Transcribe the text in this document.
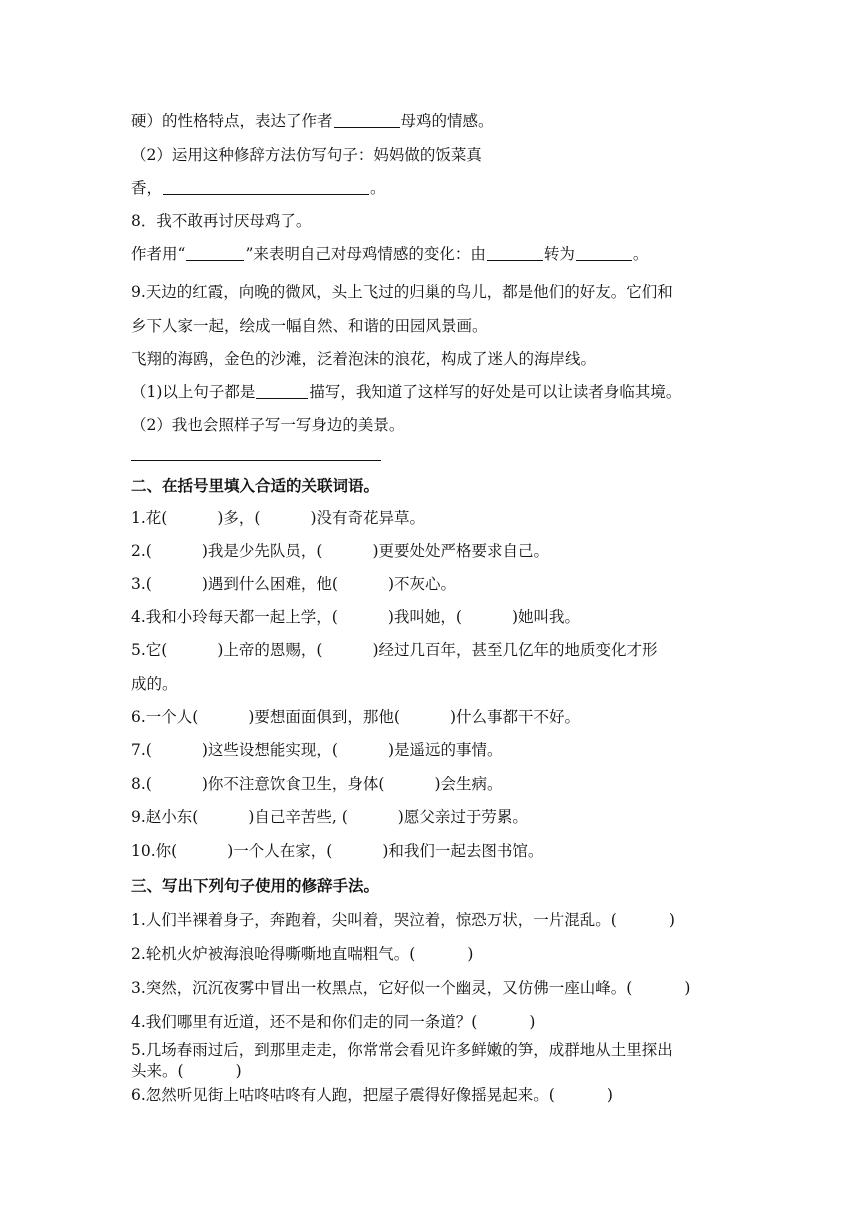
硬）的性格特点，表达了作者	母鸡的情感。

（2）运用这种修辞方法仿写句子：妈妈做的饭菜真

香，	。

8．我不敢再讨厌母鸡了。

作者用“	”来表明自己对母鸡情感的变化：由	转为	。

9.天边的红霞，向晚的微风，头上飞过的归巢的鸟儿，都是他们的好友。它们和

乡下人家一起，绘成一幅自然、和谐的田园风景画。

飞翔的海鸥，金色的沙滩，泛着泡沫的浪花，构成了迷人的海岸线。

（1)以上句子都是	描写，我知道了这样写的好处是可以让读者身临其境。

（2）我也会照样子写一写身边的美景。

二、在括号里填入合适的关联词语。

1.花(	)多，(	)没有奇花异草。

2.(	)我是少先队员，(	)更要处处严格要求自己。

3.(	)遇到什么困难，他(	)不灰心。

4.我和小玲每天都一起上学，(	)我叫她，(	)她叫我。

5.它(	)上帝的恩赐，(	)经过几百年，甚至几亿年的地质变化才形

成的。

6.一个人(	)要想面面俱到，那他(	)什么事都干不好。

7.(	)这些设想能实现，(	)是遥远的事情。

8.(	)你不注意饮食卫生，身体(	)会生病。

9.赵小东(	)自己辛苦些, (	)愿父亲过于劳累。

10.你(	)一个人在家，(	)和我们一起去图书馆。

三、写出下列句子使用的修辞手法。

1.人们半裸着身子，奔跑着，尖叫着，哭泣着，惊恐万状，一片混乱。(	)

2.轮机火炉被海浪呛得嘶嘶地直喘粗气。(	)

3.突然，沉沉夜雾中冒出一枚黑点，它好似一个幽灵，又仿佛一座山峰。(	)

4.我们哪里有近道，还不是和你们走的同一条道？(	)

5.几场春雨过后，到那里走走，你常常会看见许多鲜嫩的笋，成群地从土里探出

头来。(	)

6.忽然听见街上咕咚咕咚有人跑，把屋子震得好像摇晃起来。(	)
